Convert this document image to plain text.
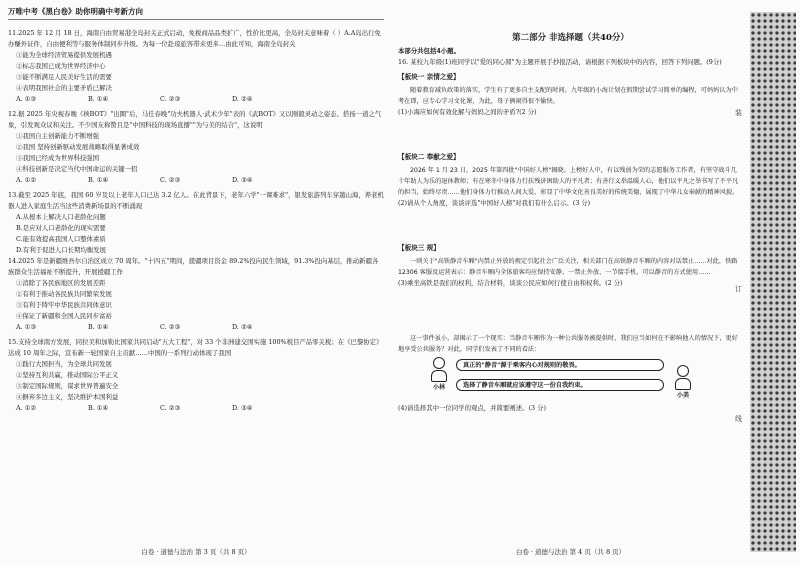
万唯中考《黑白卷》助你明确中考新方向
11.2025 年 12 月 18 日，海南自由贸易港全岛封关正式启动，免税商品品类扩广，性价比更高，全岛封关意味着（ ）A.A岛出行免办赚外证件，自由便利等与服务体制同步升级。为每一位赴琼旅客带来更多…由此可知，海南全岛封关
①能为全球经济贸易提供发展机遇
②标志我国已成为世界经济中心
③能不断满足人民美好生活的需要
④表明我国社会的主要矛盾已解决
A. ①③	B. ①④	C. ②③	D. ②④
12.据 2025 年央视春晚《秧BOT》"出圈"后，马任春晚"功夫机器人·武术少年"表的《武BOT》又以刚毅灵动之姿态、搭扬一道之气象，引发观众议和关注。不少国友称赞且是"中国科技的现场直播""为与美的结合"，这说明
①我国自主创新能力不断增强
②我国 坚持创新驱动发展战略取得显著成效
③我国已经成为世界科技强国
④科技创新是决定当代中国命运的关键一招
A. ①②	B. ①④	C. ②③	D. ③④
13.截至 2025 年底，我国 60 岁及以上老年人口已达 3.2 亿人。在此背景下，老年六学"一课难求"，银发旅游列车穿越山海，养老机器人进入家庭生活当这些消费新场景的不断涌现
A.从根本上解决人口老龄化问题
B.是应对人口老龄化的现实需要
C.能有效提高我国人口整体素质
D.有利于促进人口长期均衡发展
14.2025 年是新疆维吾尔自治区成立 70 周年。"十四五"期间，援疆项目资金 89.2%投向民生领域，91.3%投向基层，推动新疆各族群众生活福祉不断提升，开展援疆工作
①消除了各民族地区的发展差距
②有利于推动各民族共同繁荣发展
③有利于铸牢中华民族共同体意识
④保证了新疆和全国人民同步富裕
A. ①③	B. ①④	C. ②③	D. ②④
15.支持全球南方发展，同拉美和加勒比国家共同启动"五大工程"，对 33 个非洲建交国实施 100%税目产品零关税；在《巴黎协定》达成 10 周年之际，宣布新一轮国家自主贡献……中国的一系列行动体现了我国
①践行大国担当，为全球共同发展
②坚持互利共赢，推动国际公平正义
③制定国际规则，谋求世界普遍安全
④摒弃多边主义，坚决维护本国利益
A. ①②	B. ①④	C. ②③	D. ③④
白卷 · 道德与法治 第 3 页（共 8 页）
第二部分 非选择题（共40分）
本部分共包括4小题。
16. 某校九年级(1)班同学以"爱的同心圆"为主题开展手抄报活动，请根据下列板块中的内容，回答下列问题。(9分)
【板块一 亲情之爱】
随着教育减负政策的落实，学生有了更多自主支配的时间。九年级的小海计划在假期尝试学习简单的编程，可妈妈认为中考在即，应专心学习文化课，为此，母子俩闹得很不愉快。
(1)小海应如何有效化解与妈妈之间的矛盾?(2 分)
【板块二 奉献之爱】
2026 年 1 月 23 日，2025 年第四批"中国好人榜"揭晓。上榜好人中，有以残弱为荣的志愿服务工作者，有坚守战斗几十年助人为乐的退休教师；有在寒冬中身体力行扶残济困助人的平凡者；有善行义举温暖人心，他们以平凡之举书写了不平凡的担当，始终尽责……他们身体力行推动人间大爱，彰显了中华文化善良美好的传统美德，展现了中华儿女奉献的精神风貌。
(2)请从个人角度，谈谈评选"中国好人榜"对我们有什么启示。(3 分)
【板块三 规】
一则关于"高铁静音车厢"内禁止外放的规定引起社会广泛关注，相关部门在高铁静音车厢的内容对话禁止……对此，铁路 12306 客服及运营表示：静音车厢内全体旅客均应保持安静、一禁止外放、一节接手机、可以静音的方式使用……
(3)乘坐高铁是我们的权利，结合材料，谈谈公民应如何行使自由和权利。(2 分)
这一事件虽小，却揭示了一个现实：当静音车厢作为一种公共服务被提供时，我们应当如何在不影响他人的情况下，更好地享受公共服务？对此，同学们发表了不同的看法：
小林
真正的"静音"源于乘客内心对规则的敬畏。
选择了静音车厢就应该遵守这一份自我约束。
小美
(4)请选择其中一位同学的观点，并简要阐述。(3 分)
白卷 · 道德与法治 第 4 页（共 8 页）
装
订
线
